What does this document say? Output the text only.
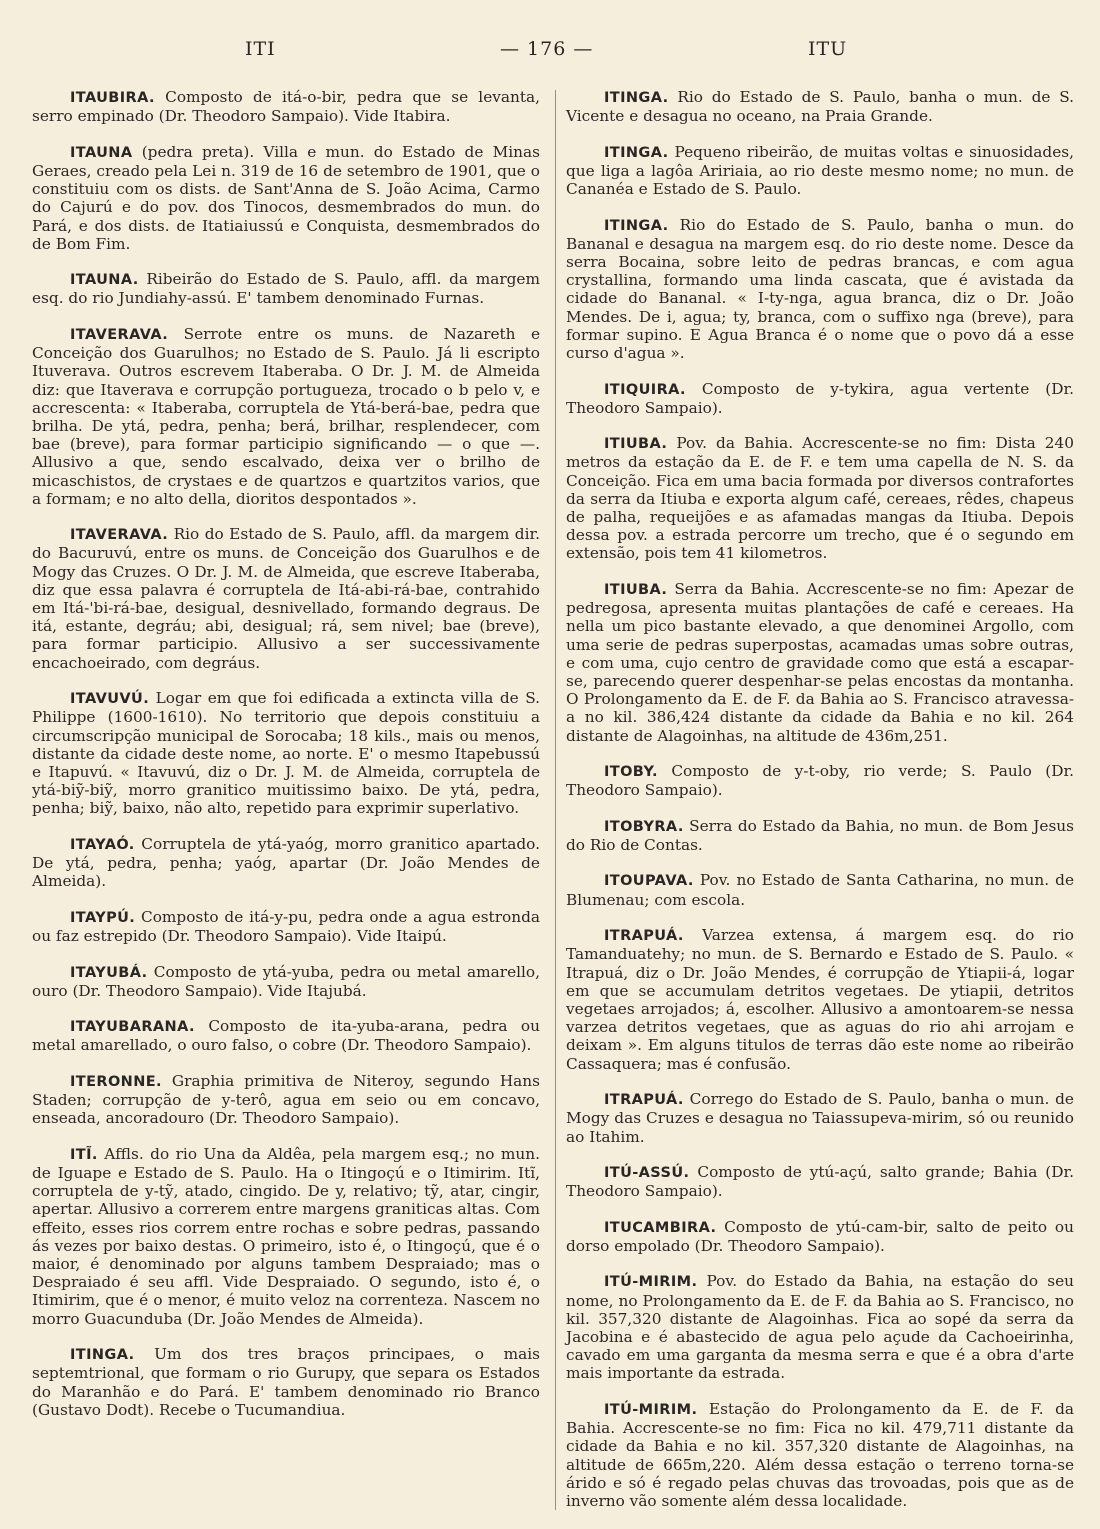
ITI	— 176 —	ITU

ITAUBIRA. Composto de itá-o-bir, pedra que se levanta, serro empinado (Dr. Theodoro Sampaio). Vide Itabira.

ITAUNA (pedra preta). Villa e mun. do Estado de Minas Geraes, creado pela Lei n. 319 de 16 de setembro de 1901, que o constituiu com os dists. de Sant'Anna de S. João Acima, Carmo do Cajurú e do pov. dos Tinocos, desmembrados do mun. do Pará, e dos dists. de Itatiaiussú e Conquista, desmembrados do de Bom Fim.

ITAUNA. Ribeirão do Estado de S. Paulo, affl. da margem esq. do rio Jundiahy-assú. E' tambem denominado Furnas.

ITAVERAVA. Serrote entre os muns. de Nazareth e Conceição dos Guarulhos; no Estado de S. Paulo. Já li escripto Ituverava. Outros escrevem Itaberaba. O Dr. J. M. de Almeida diz: que Itaverava e corrupção portugueza, trocado o b pelo v, e accrescenta: « Itaberaba, corruptela de Ytá-berá-bae, pedra que brilha. De ytá, pedra, penha; berá, brilhar, resplendecer, com bae (breve), para formar participio significando — o que —. Allusivo a que, sendo escalvado, deixa ver o brilho de micaschistos, de crystaes e de quartzos e quartzitos varios, que a formam; e no alto della, dioritos despontados ».

ITAVERAVA. Rio do Estado de S. Paulo, affl. da margem dir. do Bacuruvú, entre os muns. de Conceição dos Guarulhos e de Mogy das Cruzes. O Dr. J. M. de Almeida, que escreve Itaberaba, diz que essa palavra é corruptela de Itá-abi-rá-bae, contrahido em Itá-'bi-rá-bae, desigual, desnivellado, formando degraus. De itá, estante, degráu; abi, desigual; rá, sem nivel; bae (breve), para formar participio. Allusivo a ser successivamente encachoeirado, com degráus.

ITAVUVÚ. Logar em que foi edificada a extincta villa de S. Philippe (1600-1610). No territorio que depois constituiu a circumscripção municipal de Sorocaba; 18 kils., mais ou menos, distante da cidade deste nome, ao norte. E' o mesmo Itapebussú e Itapuvú. « Itavuvú, diz o Dr. J. M. de Almeida, corruptela de ytá-biỹ-biỹ, morro granitico muitissimo baixo. De ytá, pedra, penha; biỹ, baixo, não alto, repetido para exprimir superlativo.

ITAYAÓ. Corruptela de ytá-yaóg, morro granitico apartado. De ytá, pedra, penha; yaóg, apartar (Dr. João Mendes de Almeida).

ITAYPÚ. Composto de itá-y-pu, pedra onde a agua estronda ou faz estrepido (Dr. Theodoro Sampaio). Vide Itaipú.

ITAYUBÁ. Composto de ytá-yuba, pedra ou metal amarello, ouro (Dr. Theodoro Sampaio). Vide Itajubá.

ITAYUBARANA. Composto de ita-yuba-arana, pedra ou metal amarellado, o ouro falso, o cobre (Dr. Theodoro Sampaio).

ITERONNE. Graphia primitiva de Niteroy, segundo Hans Staden; corrupção de y-terô, agua em seio ou em concavo, enseada, ancoradouro (Dr. Theodoro Sampaio).

ITĨ. Affls. do rio Una da Aldêa, pela margem esq.; no mun. de Iguape e Estado de S. Paulo. Ha o Itingoçú e o Itimirim. Itĩ, corruptela de y-tỹ, atado, cingido. De y, relativo; tỹ, atar, cingir, apertar. Allusivo a correrem entre margens graniticas altas. Com effeito, esses rios correm entre rochas e sobre pedras, passando ás vezes por baixo destas. O primeiro, isto é, o Itingoçú, que é o maior, é denominado por alguns tambem Despraiado; mas o Despraiado é seu affl. Vide Despraiado. O segundo, isto é, o Itimirim, que é o menor, é muito veloz na correnteza. Nascem no morro Guacunduba (Dr. João Mendes de Almeida).

ITINGA. Um dos tres braços principaes, o mais septemtrional, que formam o rio Gurupy, que separa os Estados do Maranhão e do Pará. E' tambem denominado rio Branco (Gustavo Dodt). Recebe o Tucumandiua.

ITINGA. Rio do Estado de S. Paulo, banha o mun. de S. Vicente e desagua no oceano, na Praia Grande.

ITINGA. Pequeno ribeirão, de muitas voltas e sinuosidades, que liga a lagôa Aririaia, ao rio deste mesmo nome; no mun. de Cananéa e Estado de S. Paulo.

ITINGA. Rio do Estado de S. Paulo, banha o mun. do Bananal e desagua na margem esq. do rio deste nome. Desce da serra Bocaina, sobre leito de pedras brancas, e com agua crystallina, formando uma linda cascata, que é avistada da cidade do Bananal. « I-ty-nga, agua branca, diz o Dr. João Mendes. De i, agua; ty, branca, com o suffixo nga (breve), para formar supino. E Agua Branca é o nome que o povo dá a esse curso d'agua ».

ITIQUIRA. Composto de y-tykira, agua vertente (Dr. Theodoro Sampaio).

ITIUBA. Pov. da Bahia. Accrescente-se no fim: Dista 240 metros da estação da E. de F. e tem uma capella de N. S. da Conceição. Fica em uma bacia formada por diversos contrafortes da serra da Itiuba e exporta algum café, cereaes, rêdes, chapeus de palha, requeijões e as afamadas mangas da Itiuba. Depois dessa pov. a estrada percorre um trecho, que é o segundo em extensão, pois tem 41 kilometros.

ITIUBA. Serra da Bahia. Accrescente-se no fim: Apezar de pedregosa, apresenta muitas plantações de café e cereaes. Ha nella um pico bastante elevado, a que denominei Argollo, com uma serie de pedras superpostas, acamadas umas sobre outras, e com uma, cujo centro de gravidade como que está a escapar-se, parecendo querer despenhar-se pelas encostas da montanha. O Prolongamento da E. de F. da Bahia ao S. Francisco atravessa-a no kil. 386,424 distante da cidade da Bahia e no kil. 264 distante de Alagoinhas, na altitude de 436m,251.

ITOBY. Composto de y-t-oby, rio verde; S. Paulo (Dr. Theodoro Sampaio).

ITOBYRA. Serra do Estado da Bahia, no mun. de Bom Jesus do Rio de Contas.

ITOUPAVA. Pov. no Estado de Santa Catharina, no mun. de Blumenau; com escola.

ITRAPUÁ. Varzea extensa, á margem esq. do rio Tamanduatehy; no mun. de S. Bernardo e Estado de S. Paulo. « Itrapuá, diz o Dr. João Mendes, é corrupção de Ytiapii-á, logar em que se accumulam detritos vegetaes. De ytiapii, detritos vegetaes arrojados; á, escolher. Allusivo a amontoarem-se nessa varzea detritos vegetaes, que as aguas do rio ahi arrojam e deixam ». Em alguns titulos de terras dão este nome ao ribeirão Cassaquera; mas é confusão.

ITRAPUÁ. Corrego do Estado de S. Paulo, banha o mun. de Mogy das Cruzes e desagua no Taiassupeva-mirim, só ou reunido ao Itahim.

ITÚ-ASSÚ. Composto de ytú-açú, salto grande; Bahia (Dr. Theodoro Sampaio).

ITUCAMBIRA. Composto de ytú-cam-bir, salto de peito ou dorso empolado (Dr. Theodoro Sampaio).

ITÚ-MIRIM. Pov. do Estado da Bahia, na estação do seu nome, no Prolongamento da E. de F. da Bahia ao S. Francisco, no kil. 357,320 distante de Alagoinhas. Fica ao sopé da serra da Jacobina e é abastecido de agua pelo açude da Cachoeirinha, cavado em uma garganta da mesma serra e que é a obra d'arte mais importante da estrada.

ITÚ-MIRIM. Estação do Prolongamento da E. de F. da Bahia. Accrescente-se no fim: Fica no kil. 479,711 distante da cidade da Bahia e no kil. 357,320 distante de Alagoinhas, na altitude de 665m,220. Além dessa estação o terreno torna-se árido e só é regado pelas chuvas das trovoadas, pois que as de inverno vão somente além dessa localidade.
